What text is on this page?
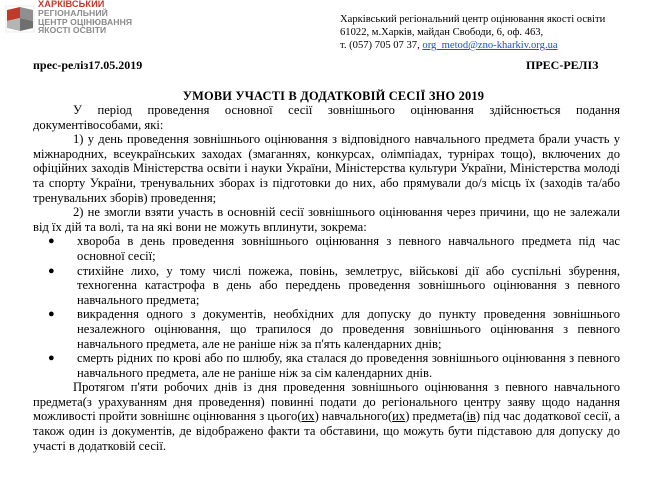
ХАРКІВСЬКИЙ
РЕГІОНАЛЬНИЙ
ЦЕНТР ОЦІНЮВАННЯ
ЯКОСТІ ОСВІТИ
Харківський регіональний центр оцінювання якості освіти
61022, м.Харків, майдан Свободи, 6, оф. 463,
т. (057) 705 07 37, org_metod@zno-kharkiv.org.ua
прес-реліз17.05.2019	ПРЕС-РЕЛІЗ
УМОВИ УЧАСТІ В ДОДАТКОВІЙ СЕСІЇ ЗНО 2019

У період проведення основної сесії зовнішнього оцінювання здійснюється подання документівособами, які:

1) у день проведення зовнішнього оцінювання з відповідного навчального предмета брали участь у міжнародних, всеукраїнських заходах (змаганнях, конкурсах, олімпіадах, турнірах тощо), включених до офіційних заходів Міністерства освіти і науки України, Міністерства культури України, Міністерства молоді та спорту України, тренувальних зборах із підготовки до них, або прямували до/з місць їх (заходів та/або тренувальних зборів) проведення;

2) не змогли взяти участь в основній сесії зовнішнього оцінювання через причини, що не залежали від їх дій та волі, та на які вони не можуть вплинути, зокрема:

● хвороба в день проведення зовнішнього оцінювання з певного навчального предмета під час основної сесії;
● стихійне лихо, у тому числі пожежа, повінь, землетрус, військові дії або суспільні збурення, техногенна катастрофа в день або переддень проведення зовнішнього оцінювання з певного навчального предмета;
● викрадення одного з документів, необхідних для допуску до пункту проведення зовнішнього незалежного оцінювання, що трапилося до проведення зовнішнього оцінювання з певного навчального предмета, але не раніше ніж за п'ять календарних днів;
● смерть рідних по крові або по шлюбу, яка сталася до проведення зовнішнього оцінювання з певного навчального предмета, але не раніше ніж за сім календарних днів.

Протягом п'яти робочих днів із дня проведення зовнішнього оцінювання з певного навчального предмета(з урахуванням дня проведення) повинні подати до регіонального центру заяву щодо надання можливості пройти зовнішнє оцінювання з цього(их) навчального(их) предмета(ів) під час додаткової сесії, а також один із документів, де відображено факти та обставини, що можуть бути підставою для допуску до участі в додатковій сесії.
